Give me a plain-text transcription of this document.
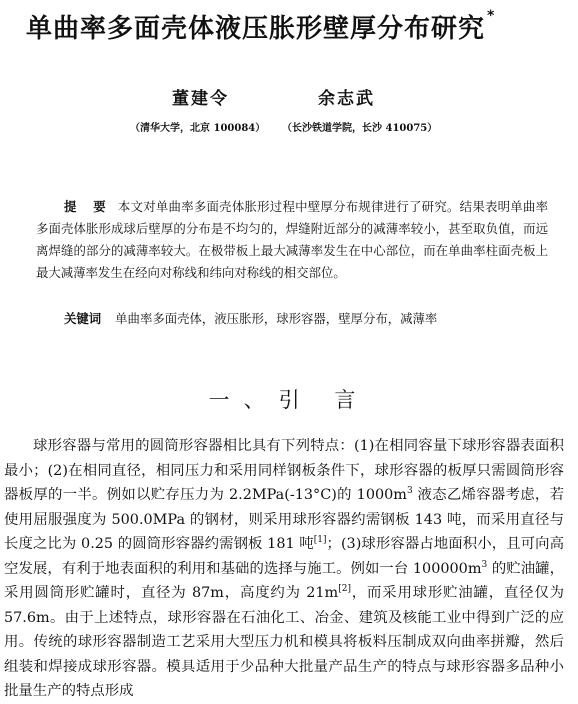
单曲率多面壳体液压胀形壁厚分布研究 *
董建令	余志武
（清华大学，北京 100084） （长沙铁道学院，长沙 410075）
提 要 本文对单曲率多面壳体胀形过程中壁厚分布规律进行了研究。结果表明单曲率多面壳体胀形成球后壁厚的分布是不均匀的，焊缝附近部分的减薄率较小，甚至取负值，而远离焊缝的部分的减薄率较大。在极带板上最大减薄率发生在中心部位，而在单曲率柱面壳板上最大减薄率发生在经向对称线和纬向对称线的相交部位。
关键词 单曲率多面壳体，液压胀形，球形容器，壁厚分布，减薄率
一、引 言
球形容器与常用的圆筒形容器相比具有下列特点：(1)在相同容量下球形容器表面积最小；(2)在相同直径，相同压力和采用同样钢板条件下，球形容器的板厚只需圆筒形容器板厚的一半。例如以贮存压力为 2.2MPa(-13°C)的 $1000m^3$ 液态乙烯容器考虑，若使用屈服强度为 500.0MPa 的钢材，则采用球形容器约需钢板 143 吨，而采用直径与长度之比为 0.25 的圆筒形容器约需钢板 181 吨[1]；(3)球形容器占地面积小，且可向高空发展，有利于地表面积的利用和基础的选择与施工。例如一台 $100000m^3$ 的贮油罐，采用圆筒形贮罐时，直径为 87m，高度约为 21m[2]，而采用球形贮油罐，直径仅为 57.6m。由于上述特点，球形容器在石油化工、冶金、建筑及核能工业中得到广泛的应用。传统的球形容器制造工艺采用大型压力机和模具将板料压制成双向曲率拼瓣，然后组装和焊接成球形容器。模具适用于少品种大批量产品生产的特点与球形容器多品种小批量生产的特点形成
